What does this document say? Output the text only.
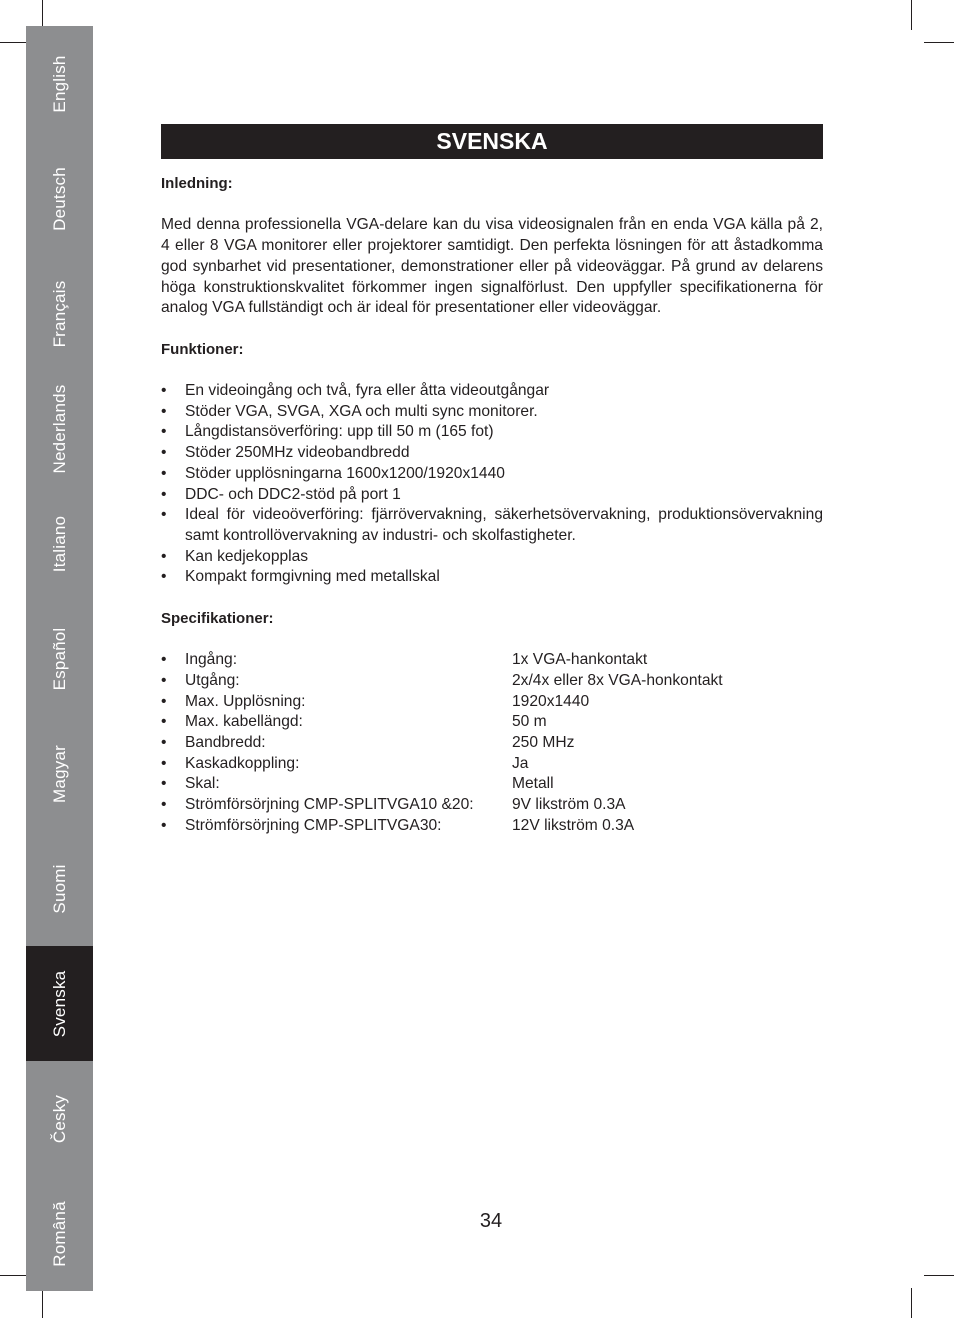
English
Deutsch
Français
Nederlands
Italiano
Español
Magyar
Suomi
Svenska
Česky
Română
SVENSKA

Inledning:

Med denna professionella VGA-delare kan du visa videosignalen från en enda VGA källa på 2, 4 eller 8 VGA monitorer eller projektorer samtidigt. Den perfekta lösningen för att åstadkomma god synbarhet vid presentationer, demonstrationer eller på videoväggar. På grund av delarens höga konstruktionskvalitet förkommer ingen signalförlust. Den uppfyller specifikationerna för analog VGA fullständigt och är ideal för presentationer eller videoväggar.

Funktioner:

• En videoingång och två, fyra eller åtta videoutgångar
• Stöder VGA, SVGA, XGA och multi sync monitorer.
• Långdistansöverföring: upp till 50 m (165 fot)
• Stöder 250MHz videobandbredd
• Stöder upplösningarna 1600x1200/1920x1440
• DDC- och DDC2-stöd på port 1
• Ideal för videoöverföring: fjärrövervakning, säkerhetsövervakning, produktionsövervakning samt kontrollövervakning av industri- och skolfastigheter.
• Kan kedjekopplas
• Kompakt formgivning med metallskal

Specifikationer:

• Ingång:	1x VGA-hankontakt
• Utgång:	2x/4x eller 8x VGA-honkontakt
• Max. Upplösning:	1920x1440
• Max. kabellängd:	50 m
• Bandbredd:	250 MHz
• Kaskadkoppling:	Ja
• Skal:	Metall
• Strömförsörjning CMP-SPLITVGA10 &20:	9V likström 0.3A
• Strömförsörjning CMP-SPLITVGA30:	12V likström 0.3A
34
